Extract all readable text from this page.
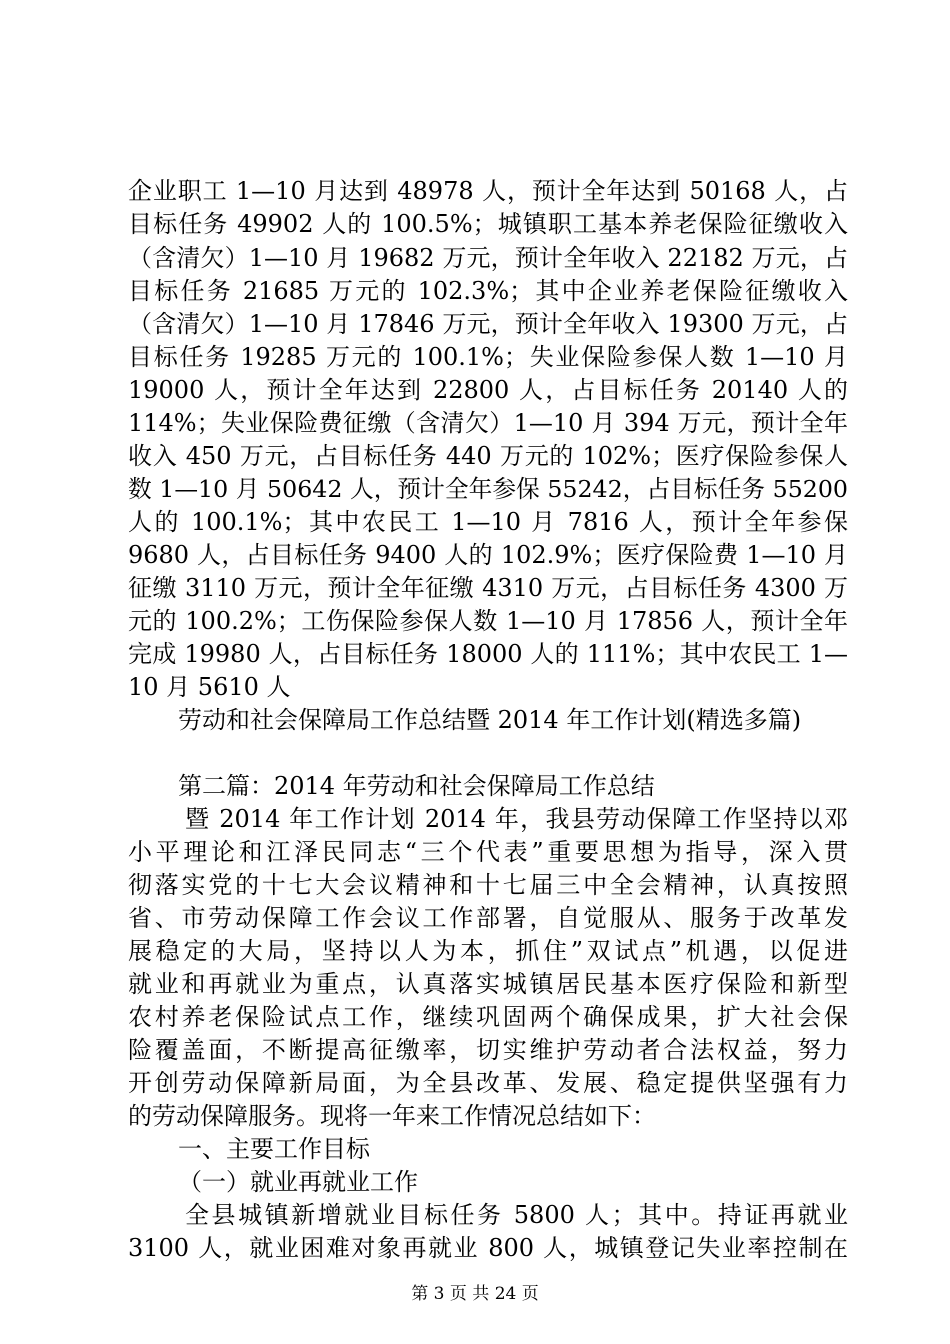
企业职工 1—10 月达到 48978 人，预计全年达到 50168 人，占
目标任务 49902 人的 100.5%；城镇职工基本养老保险征缴收入
（含清欠）1—10 月 19682 万元，预计全年收入 22182 万元，占
目标任务 21685 万元的 102.3%；其中企业养老保险征缴收入
（含清欠）1—10 月 17846 万元，预计全年收入 19300 万元，占
目标任务 19285 万元的 100.1%；失业保险参保人数 1—10 月
19000 人，预计全年达到 22800 人，占目标任务 20140 人的
114%；失业保险费征缴（含清欠）1—10 月 394 万元，预计全年
收入 450 万元，占目标任务 440 万元的 102%；医疗保险参保人
数 1—10 月 50642 人，预计全年参保 55242，占目标任务 55200
人的 100.1%；其中农民工 1—10 月 7816 人，预计全年参保
9680 人，占目标任务 9400 人的 102.9%；医疗保险费 1—10 月
征缴 3110 万元，预计全年征缴 4310 万元，占目标任务 4300 万
元的 100.2%；工伤保险参保人数 1—10 月 17856 人，预计全年
完成 19980 人，占目标任务 18000 人的 111%；其中农民工 1—
10 月 5610 人
劳动和社会保障局工作总结暨 2014 年工作计划(精选多篇)
第二篇：2014 年劳动和社会保障局工作总结
暨 2014 年工作计划 2014 年，我县劳动保障工作坚持以邓
小平理论和江泽民同志“三个代表”重要思想为指导，深入贯
彻落实党的十七大会议精神和十七届三中全会精神，认真按照
省、市劳动保障工作会议工作部署，自觉服从、服务于改革发
展稳定的大局，坚持以人为本，抓住”双试点”机遇，以促进
就业和再就业为重点，认真落实城镇居民基本医疗保险和新型
农村养老保险试点工作，继续巩固两个确保成果，扩大社会保
险覆盖面，不断提高征缴率，切实维护劳动者合法权益，努力
开创劳动保障新局面，为全县改革、发展、稳定提供坚强有力
的劳动保障服务。现将一年来工作情况总结如下：
一、主要工作目标
（一）就业再就业工作
全县城镇新增就业目标任务 5800 人；其中。持证再就业
3100 人，就业困难对象再就业 800 人，城镇登记失业率控制在
第 3 页 共 24 页
